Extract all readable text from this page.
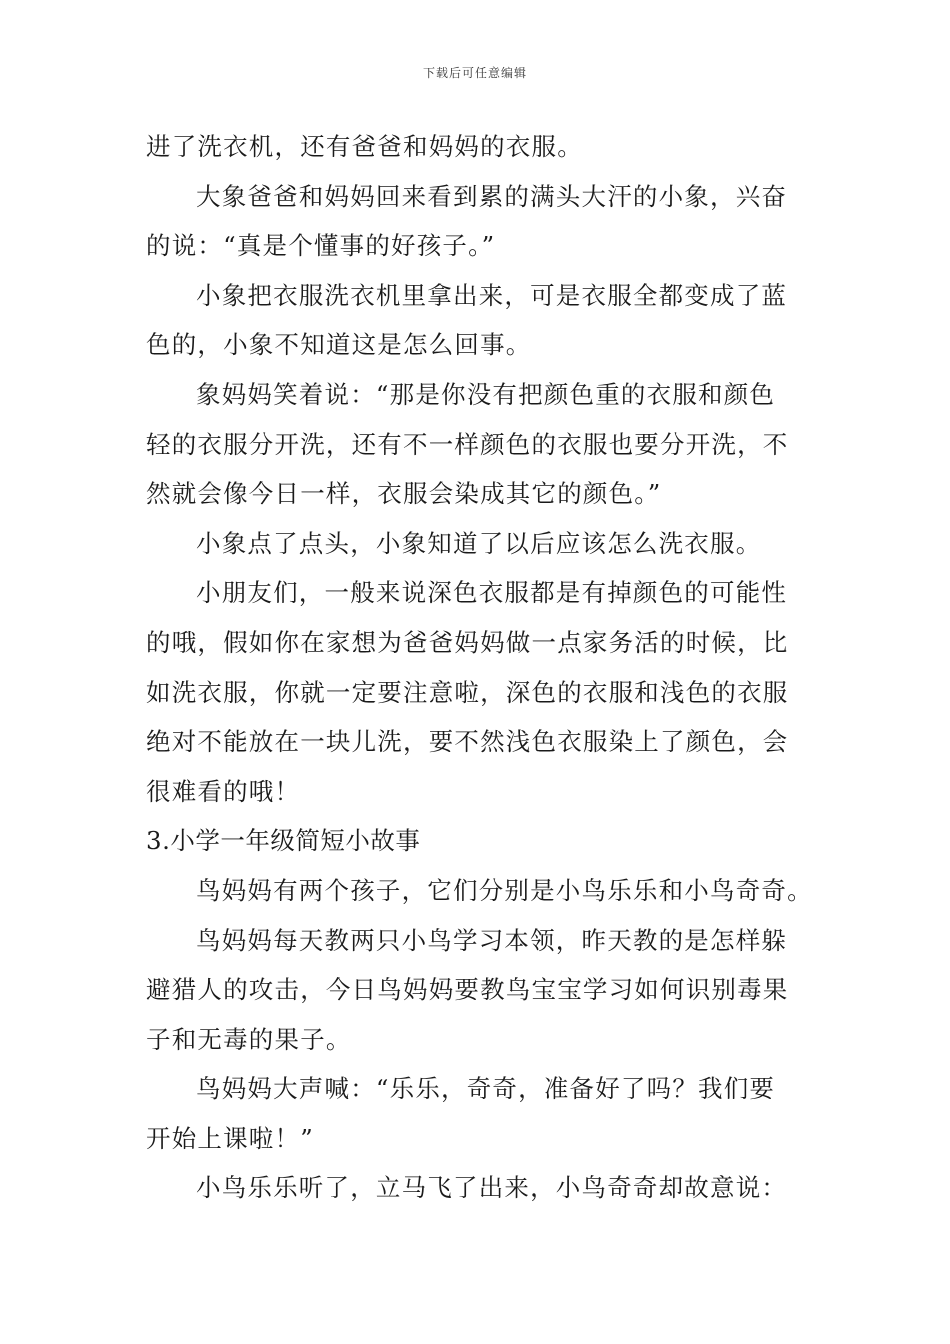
下载后可任意编辑
进了洗衣机，还有爸爸和妈妈的衣服。
大象爸爸和妈妈回来看到累的满头大汗的小象，兴奋
的说：“真是个懂事的好孩子。”
小象把衣服洗衣机里拿出来，可是衣服全都变成了蓝
色的，小象不知道这是怎么回事。
象妈妈笑着说：“那是你没有把颜色重的衣服和颜色
轻的衣服分开洗，还有不一样颜色的衣服也要分开洗，不
然就会像今日一样，衣服会染成其它的颜色。”
小象点了点头，小象知道了以后应该怎么洗衣服。
小朋友们，一般来说深色衣服都是有掉颜色的可能性
的哦，假如你在家想为爸爸妈妈做一点家务活的时候，比
如洗衣服，你就一定要注意啦，深色的衣服和浅色的衣服
绝对不能放在一块儿洗，要不然浅色衣服染上了颜色，会
很难看的哦！
3.小学一年级简短小故事
鸟妈妈有两个孩子，它们分别是小鸟乐乐和小鸟奇奇。
鸟妈妈每天教两只小鸟学习本领，昨天教的是怎样躲
避猎人的攻击，今日鸟妈妈要教鸟宝宝学习如何识别毒果
子和无毒的果子。
鸟妈妈大声喊：“乐乐，奇奇，准备好了吗？我们要
开始上课啦！”
小鸟乐乐听了，立马飞了出来，小鸟奇奇却故意说：
